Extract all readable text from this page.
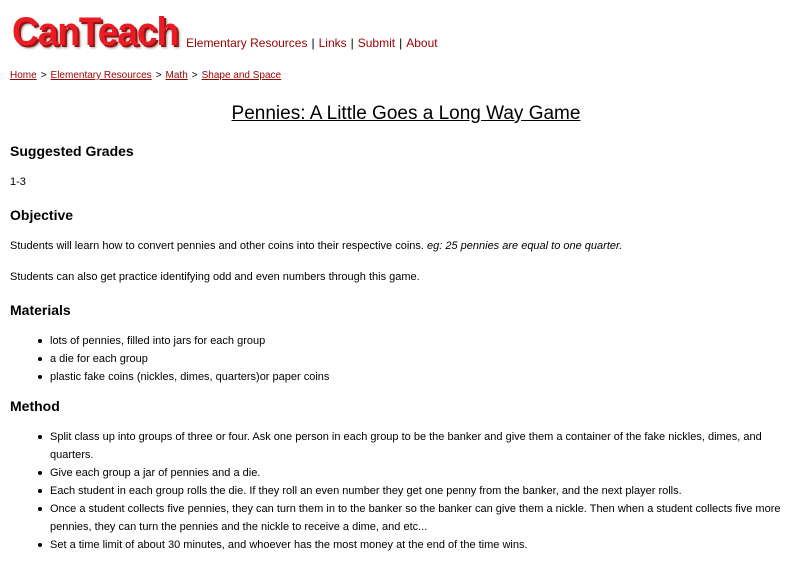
CanTeach Elementary Resources | Links | Submit | About
Home > Elementary Resources > Math > Shape and Space
Pennies: A Little Goes a Long Way Game
Suggested Grades

1-3

Objective

Students will learn how to convert pennies and other coins into their respective coins. eg: 25 pennies are equal to one quarter.

Students can also get practice identifying odd and even numbers through this game.

Materials
lots of pennies, filled into jars for each group
a die for each group
plastic fake coins (nickles, dimes, quarters)or paper coins
Method
Split class up into groups of three or four. Ask one person in each group to be the banker and give them a container of the fake nickles, dimes, and quarters.
Give each group a jar of pennies and a die.
Each student in each group rolls the die. If they roll an even number they get one penny from the banker, and the next player rolls.
Once a student collects five pennies, they can turn them in to the banker so the banker can give them a nickle. Then when a student collects five more pennies, they can turn the pennies and the nickle to receive a dime, and etc...
Set a time limit of about 30 minutes, and whoever has the most money at the end of the time wins.
